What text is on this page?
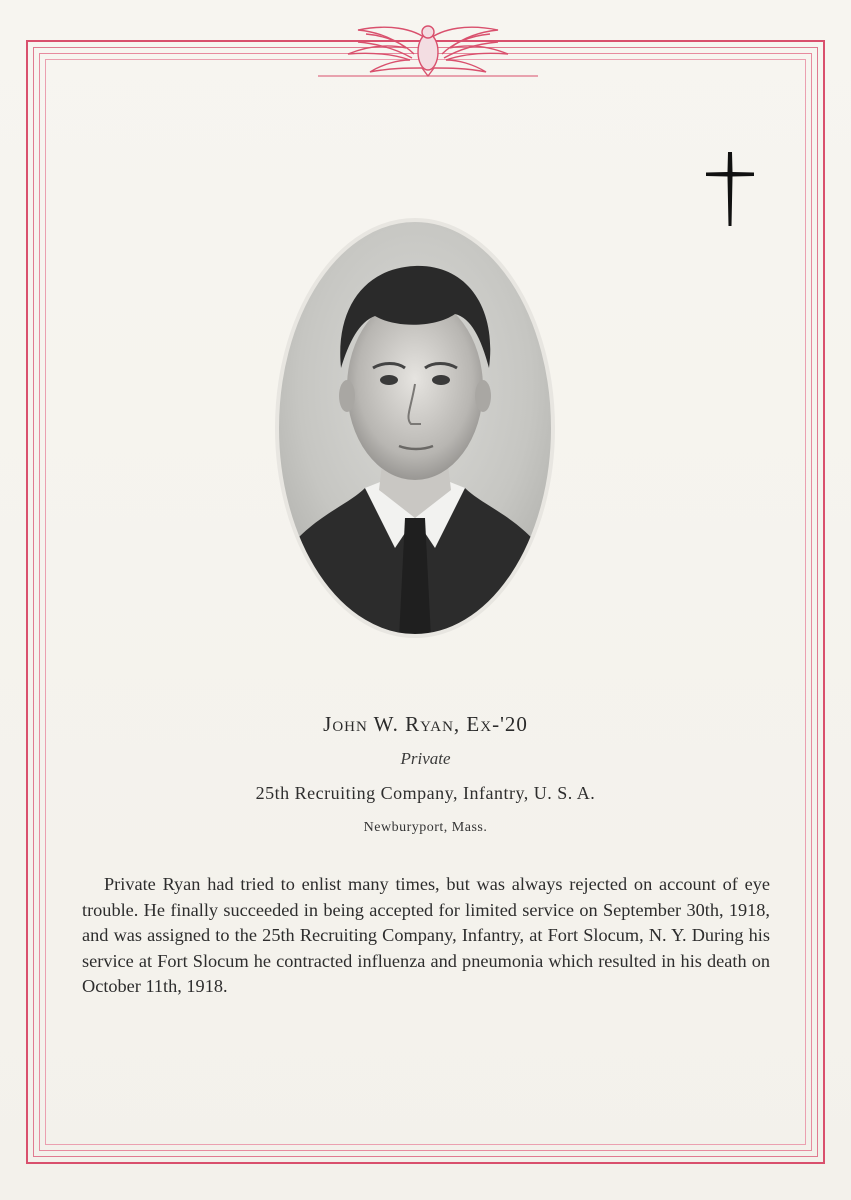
John W. Ryan, Ex-'20
Private
25th Recruiting Company, Infantry, U. S. A.
Newburyport, Mass.

Private Ryan had tried to enlist many times, but was always rejected on account of eye trouble. He finally succeeded in being accepted for limited service on September 30th, 1918, and was assigned to the 25th Recruiting Company, Infantry, at Fort Slocum, N. Y. During his service at Fort Slocum he contracted influenza and pneumonia which resulted in his death on October 11th, 1918.
